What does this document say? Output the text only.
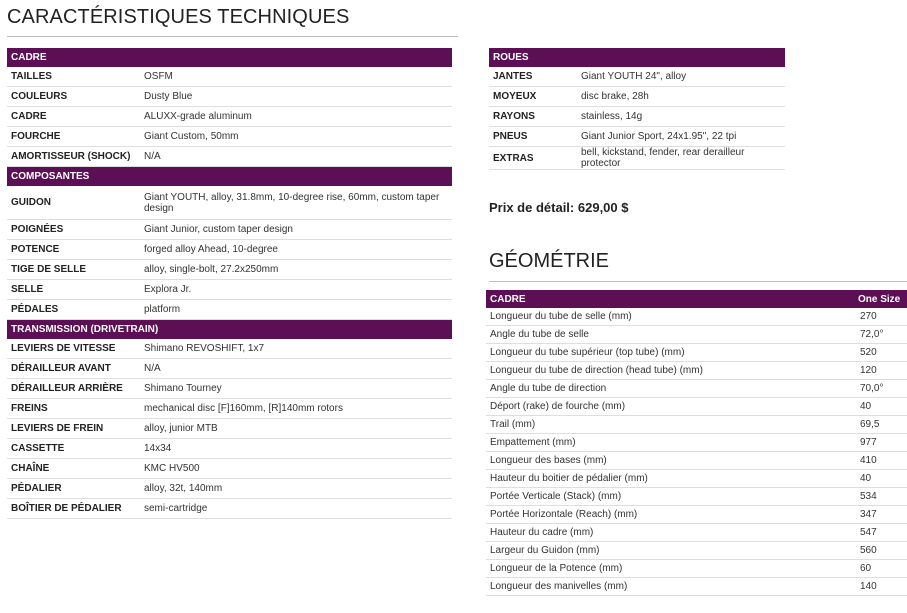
CARACTÉRISTIQUES TECHNIQUES
CADRE	
TAILLES	OSFM
COULEURS	Dusty Blue
CADRE	ALUXX-grade aluminum
FOURCHE	Giant Custom, 50mm
AMORTISSEUR (SHOCK)	N/A
COMPOSANTES	
GUIDON	Giant YOUTH, alloy, 31.8mm, 10-degree rise, 60mm, custom taper design
POIGNÉES	Giant Junior, custom taper design
POTENCE	forged alloy Ahead, 10-degree
TIGE DE SELLE	alloy, single-bolt, 27.2x250mm
SELLE	Explora Jr.
PÉDALES	platform
TRANSMISSION (DRIVETRAIN)	
LEVIERS DE VITESSE	Shimano REVOSHIFT, 1x7
DÉRAILLEUR AVANT	N/A
DÉRAILLEUR ARRIÈRE	Shimano Tourney
FREINS	mechanical disc [F]160mm, [R]140mm rotors
LEVIERS DE FREIN	alloy, junior MTB
CASSETTE	14x34
CHAÎNE	KMC HV500
PÉDALIER	alloy, 32t, 140mm
BOÎTIER DE PÉDALIER	semi-cartridge
ROUES	
JANTES	Giant YOUTH 24", alloy
MOYEUX	disc brake, 28h
RAYONS	stainless, 14g
PNEUS	Giant Junior Sport, 24x1.95", 22 tpi
EXTRAS	bell, kickstand, fender, rear derailleur protector
Prix de détail: 629,00 $
GÉOMÉTRIE
CADRE	One Size
Longueur du tube de selle (mm)	270
Angle du tube de selle	72,0°
Longueur du tube supérieur (top tube) (mm)	520
Longueur du tube de direction (head tube) (mm)	120
Angle du tube de direction	70,0°
Déport (rake) de fourche (mm)	40
Trail (mm)	69,5
Empattement (mm)	977
Longueur des bases (mm)	410
Hauteur du boitier de pédalier (mm)	40
Portée Verticale (Stack) (mm)	534
Portée Horizontale (Reach) (mm)	347
Hauteur du cadre (mm)	547
Largeur du Guidon (mm)	560
Longueur de la Potence (mm)	60
Longueur des manivelles (mm)	140
